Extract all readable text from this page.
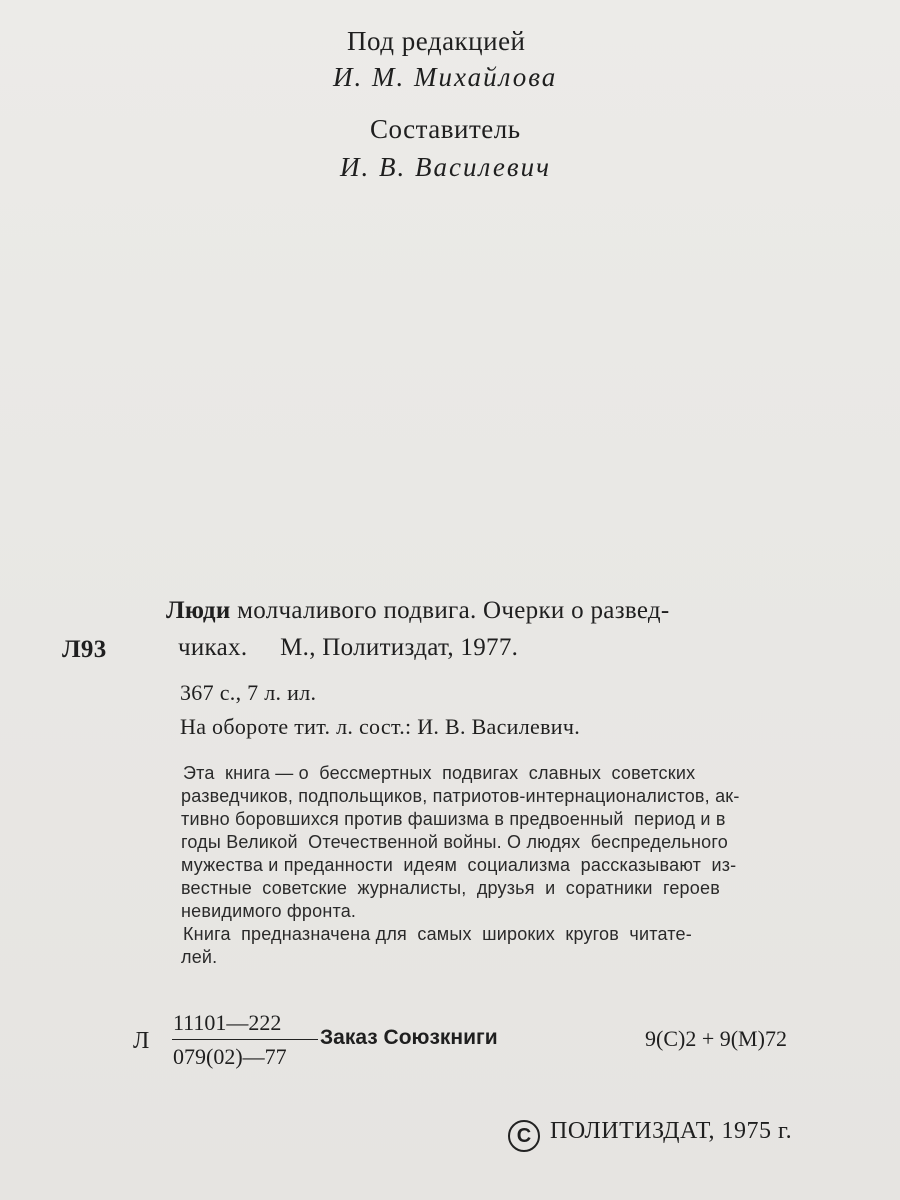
Под редакцией
И. М. Михайлова
Составитель
И. В. Василевич
Л93
Люди молчаливого подвига. Очерки о развед-
чиках.     М., Политиздат, 1977.
367 с., 7 л. ил.
На обороте тит. л. сост.: И. В. Василевич.
Эта  книга — о  бессмертных  подвигах  славных  советских
разведчиков, подпольщиков, патриотов-интернационалистов, ак-
тивно боровшихся против фашизма в предвоенный  период и в
годы Великой  Отечественной войны. О людях  беспредельного
мужества и преданности  идеям  социализма  рассказывают  из-
вестные  советские  журналисты,  друзья  и  соратники  героев
невидимого фронта.
Книга  предназначена для  самых  широких  кругов  читате-
лей.
Л
11101—222
079(02)—77
Заказ Союзкниги	9(С)2 + 9(М)72
C ПОЛИТИЗДАТ, 1975 г.
